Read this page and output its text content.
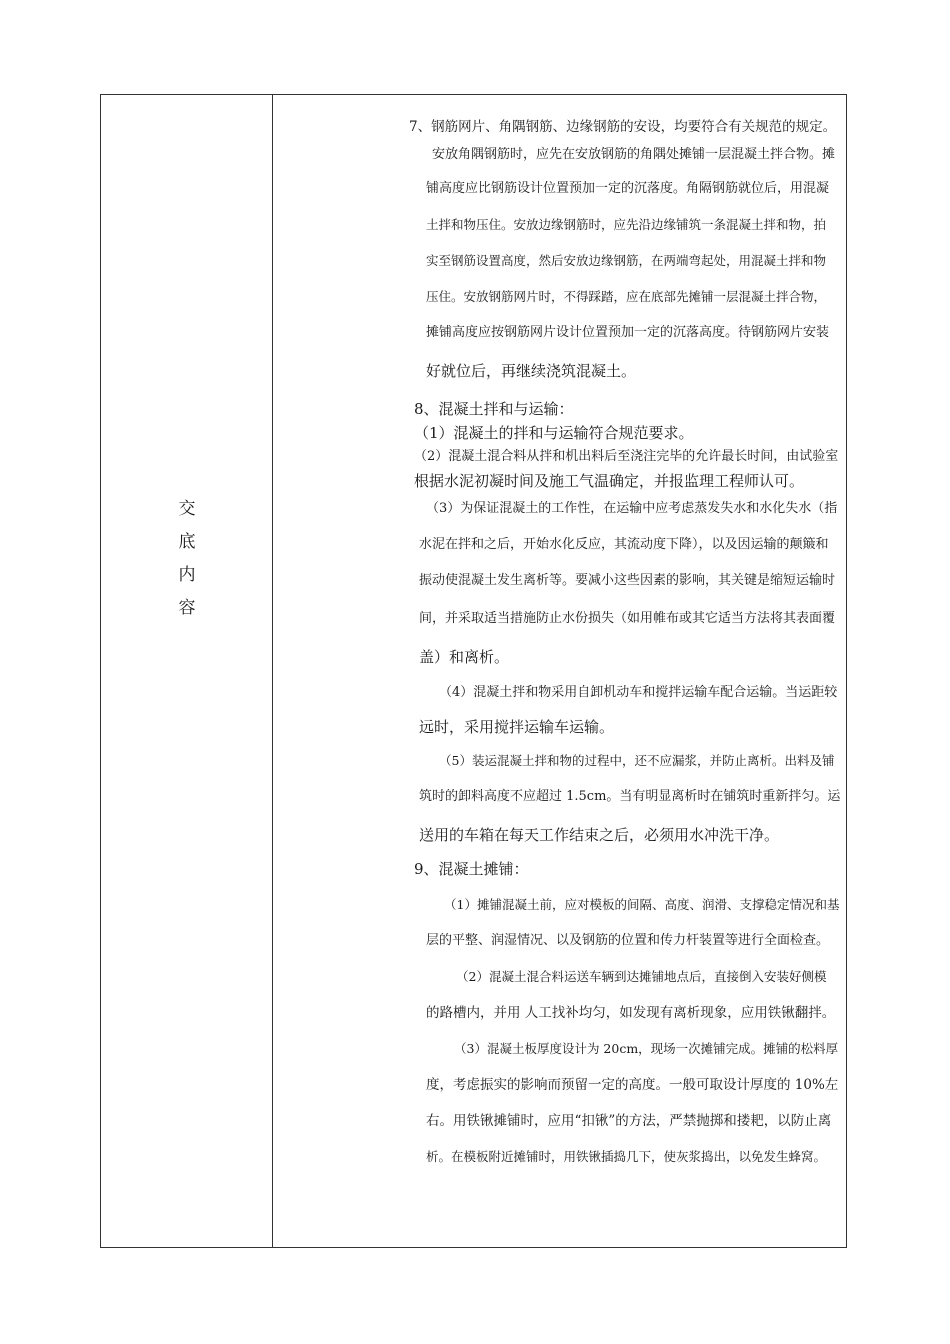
交
底
内
容
7、钢筋网片、角隅钢筋、边缘钢筋的安设，均要符合有关规范的规定。
安放角隅钢筋时，应先在安放钢筋的角隅处摊铺一层混凝土拌合物。摊
铺高度应比钢筋设计位置预加一定的沉落度。角隔钢筋就位后，用混凝
土拌和物压住。安放边缘钢筋时，应先沿边缘铺筑一条混凝土拌和物，拍
实至钢筋设置高度，然后安放边缘钢筋，在两端弯起处，用混凝土拌和物
压住。安放钢筋网片时，不得踩踏，应在底部先摊铺一层混凝土拌合物，
摊铺高度应按钢筋网片设计位置预加一定的沉落高度。待钢筋网片安装
好就位后，再继续浇筑混凝土。
8、混凝土拌和与运输：
（1）混凝土的拌和与运输符合规范要求。
（2）混凝土混合料从拌和机出料后至浇注完毕的允许最长时间，由试验室
根据水泥初凝时间及施工气温确定，并报监理工程师认可。
（3）为保证混凝土的工作性，在运输中应考虑蒸发失水和水化失水（指
水泥在拌和之后，开始水化反应，其流动度下降），以及因运输的颠簸和
振动使混凝土发生离析等。要减小这些因素的影响，其关键是缩短运输时
间，并采取适当措施防止水份损失（如用帷布或其它适当方法将其表面覆
盖）和离析。
（4）混凝土拌和物采用自卸机动车和搅拌运输车配合运输。当运距较
远时，采用搅拌运输车运输。
（5）装运混凝土拌和物的过程中，还不应漏浆，并防止离析。出料及铺
筑时的卸料高度不应超过 1.5cm。当有明显离析时在铺筑时重新拌匀。运
送用的车箱在每天工作结束之后，必须用水冲洗干净。
9、混凝土摊铺：
（1）摊铺混凝土前，应对模板的间隔、高度、润滑、支撑稳定情况和基
层的平整、润湿情况、以及钢筋的位置和传力杆装置等进行全面检查。
（2）混凝土混合料运送车辆到达摊铺地点后，直接倒入安装好侧模
的路槽内，并用 人工找补均匀，如发现有离析现象，应用铁锹翻拌。
（3）混凝土板厚度设计为 20cm，现场一次摊铺完成。摊铺的松料厚
度，考虑振实的影响而预留一定的高度。一般可取设计厚度的 10%左
右。用铁锹摊铺时，应用“扣锹”的方法，严禁抛掷和搂耙，以防止离
析。在模板附近摊铺时，用铁锹插捣几下，使灰浆捣出，以免发生蜂窝。
